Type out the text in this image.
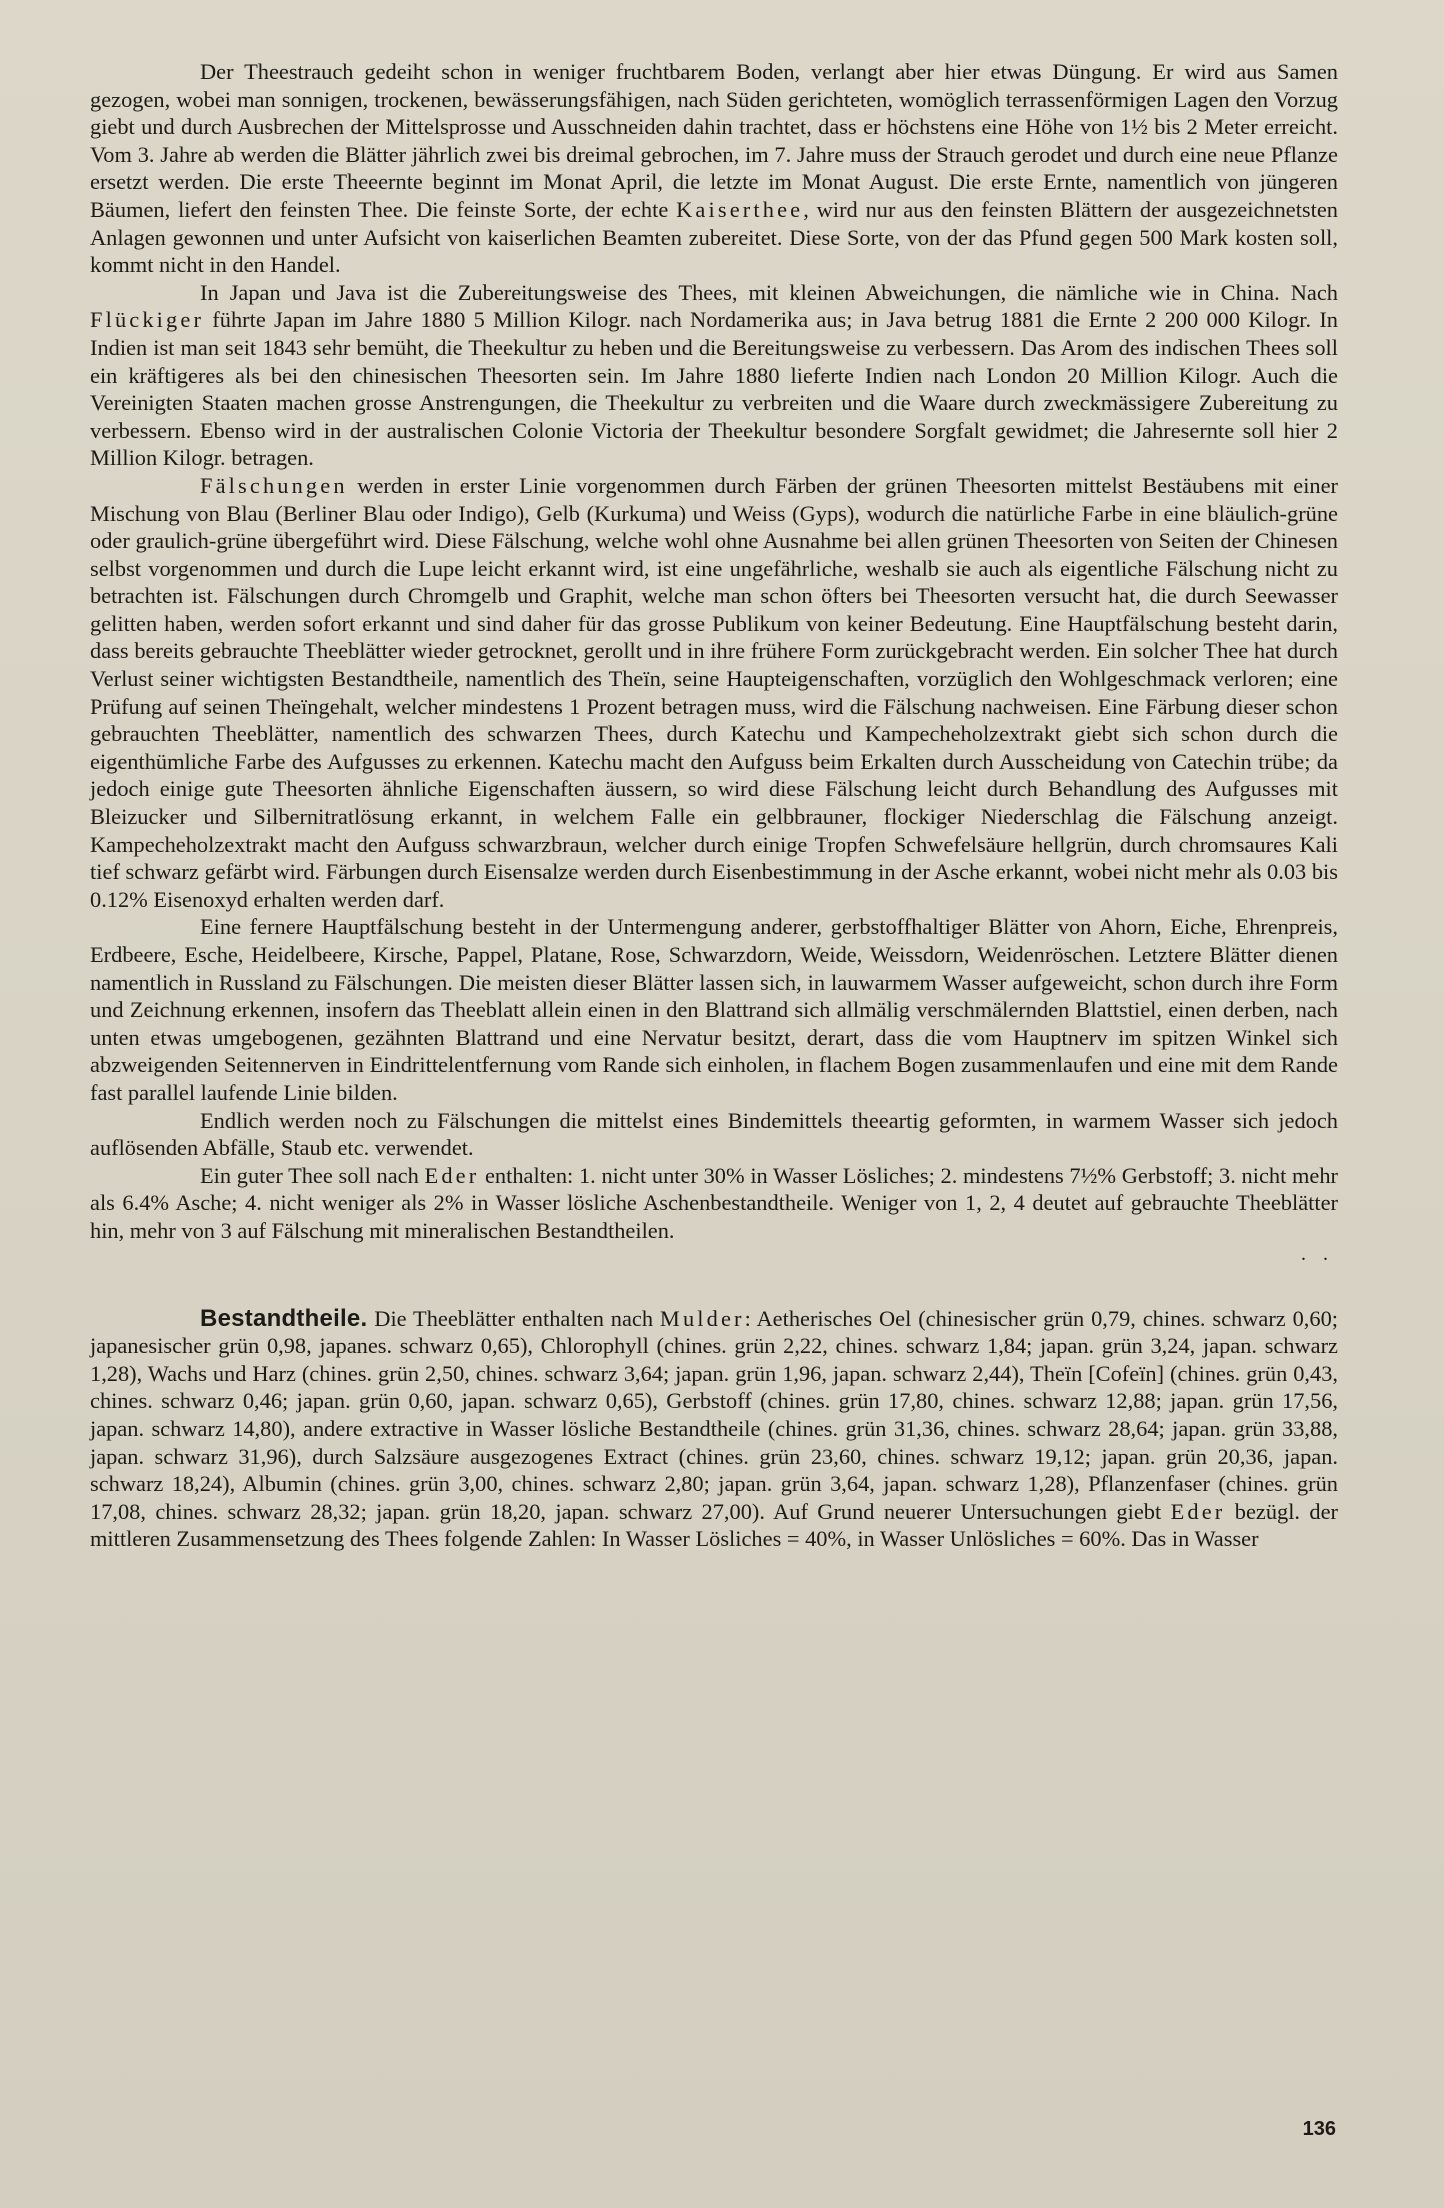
Der Theestrauch gedeiht schon in weniger fruchtbarem Boden, verlangt aber hier etwas Düngung. Er wird aus Samen gezogen, wobei man sonnigen, trockenen, bewässerungsfähigen, nach Süden gerichteten, womöglich terrassenförmigen Lagen den Vorzug giebt und durch Ausbrechen der Mittelsprosse und Ausschneiden dahin trachtet, dass er höchstens eine Höhe von 1½ bis 2 Meter erreicht. Vom 3. Jahre ab werden die Blätter jährlich zwei bis dreimal gebrochen, im 7. Jahre muss der Strauch gerodet und durch eine neue Pflanze ersetzt werden. Die erste Theeernte beginnt im Monat April, die letzte im Monat August. Die erste Ernte, namentlich von jüngeren Bäumen, liefert den feinsten Thee. Die feinste Sorte, der echte Kaiserthee, wird nur aus den feinsten Blättern der ausgezeichnetsten Anlagen gewonnen und unter Aufsicht von kaiserlichen Beamten zubereitet. Diese Sorte, von der das Pfund gegen 500 Mark kosten soll, kommt nicht in den Handel.

In Japan und Java ist die Zubereitungsweise des Thees, mit kleinen Abweichungen, die nämliche wie in China. Nach Flückiger führte Japan im Jahre 1880 5 Million Kilogr. nach Nordamerika aus; in Java betrug 1881 die Ernte 2 200 000 Kilogr. In Indien ist man seit 1843 sehr bemüht, die Theekultur zu heben und die Bereitungsweise zu verbessern. Das Arom des indischen Thees soll ein kräftigeres als bei den chinesischen Theesorten sein. Im Jahre 1880 lieferte Indien nach London 20 Million Kilogr. Auch die Vereinigten Staaten machen grosse Anstrengungen, die Theekultur zu verbreiten und die Waare durch zweckmässigere Zubereitung zu verbessern. Ebenso wird in der australischen Colonie Victoria der Theekultur besondere Sorgfalt gewidmet; die Jahresernte soll hier 2 Million Kilogr. betragen.

Fälschungen werden in erster Linie vorgenommen durch Färben der grünen Theesorten mittelst Bestäubens mit einer Mischung von Blau (Berliner Blau oder Indigo), Gelb (Kurkuma) und Weiss (Gyps), wodurch die natürliche Farbe in eine bläulich-grüne oder graulich-grüne übergeführt wird. Diese Fälschung, welche wohl ohne Ausnahme bei allen grünen Theesorten von Seiten der Chinesen selbst vorgenommen und durch die Lupe leicht erkannt wird, ist eine ungefährliche, weshalb sie auch als eigentliche Fälschung nicht zu betrachten ist. Fälschungen durch Chromgelb und Graphit, welche man schon öfters bei Theesorten versucht hat, die durch Seewasser gelitten haben, werden sofort erkannt und sind daher für das grosse Publikum von keiner Bedeutung. Eine Hauptfälschung besteht darin, dass bereits gebrauchte Theeblätter wieder getrocknet, gerollt und in ihre frühere Form zurückgebracht werden. Ein solcher Thee hat durch Verlust seiner wichtigsten Bestandtheile, namentlich des Theïn, seine Haupteigenschaften, vorzüglich den Wohlgeschmack verloren; eine Prüfung auf seinen Theïngehalt, welcher mindestens 1 Prozent betragen muss, wird die Fälschung nachweisen. Eine Färbung dieser schon gebrauchten Theeblätter, namentlich des schwarzen Thees, durch Katechu und Kampecheholzextrakt giebt sich schon durch die eigenthümliche Farbe des Aufgusses zu erkennen. Katechu macht den Aufguss beim Erkalten durch Ausscheidung von Catechin trübe; da jedoch einige gute Theesorten ähnliche Eigenschaften äussern, so wird diese Fälschung leicht durch Behandlung des Aufgusses mit Bleizucker und Silbernitratlösung erkannt, in welchem Falle ein gelbbrauner, flockiger Niederschlag die Fälschung anzeigt. Kampecheholzextrakt macht den Aufguss schwarzbraun, welcher durch einige Tropfen Schwefelsäure hellgrün, durch chromsaures Kali tief schwarz gefärbt wird. Färbungen durch Eisensalze werden durch Eisenbestimmung in der Asche erkannt, wobei nicht mehr als 0.03 bis 0.12% Eisenoxyd erhalten werden darf.

Eine fernere Hauptfälschung besteht in der Untermengung anderer, gerbstoffhaltiger Blätter von Ahorn, Eiche, Ehrenpreis, Erdbeere, Esche, Heidelbeere, Kirsche, Pappel, Platane, Rose, Schwarzdorn, Weide, Weissdorn, Weidenröschen. Letztere Blätter dienen namentlich in Russland zu Fälschungen. Die meisten dieser Blätter lassen sich, in lauwarmem Wasser aufgeweicht, schon durch ihre Form und Zeichnung erkennen, insofern das Theeblatt allein einen in den Blattrand sich allmälig verschmälernden Blattstiel, einen derben, nach unten etwas umgebogenen, gezähnten Blattrand und eine Nervatur besitzt, derart, dass die vom Hauptnerv im spitzen Winkel sich abzweigenden Seitennerven in Eindrittelentfernung vom Rande sich einholen, in flachem Bogen zusammenlaufen und eine mit dem Rande fast parallel laufende Linie bilden.

Endlich werden noch zu Fälschungen die mittelst eines Bindemittels theeartig geformten, in warmem Wasser sich jedoch auflösenden Abfälle, Staub etc. verwendet.

Ein guter Thee soll nach Eder enthalten: 1. nicht unter 30% in Wasser Lösliches; 2. mindestens 7½% Gerbstoff; 3. nicht mehr als 6.4% Asche; 4. nicht weniger als 2% in Wasser lösliche Aschenbestandtheile. Weniger von 1, 2, 4 deutet auf gebrauchte Theeblätter hin, mehr von 3 auf Fälschung mit mineralischen Bestandtheilen.

. .

Bestandtheile. Die Theeblätter enthalten nach Mulder: Aetherisches Oel (chinesischer grün 0,79, chines. schwarz 0,60; japanesischer grün 0,98, japanes. schwarz 0,65), Chlorophyll (chines. grün 2,22, chines. schwarz 1,84; japan. grün 3,24, japan. schwarz 1,28), Wachs und Harz (chines. grün 2,50, chines. schwarz 3,64; japan. grün 1,96, japan. schwarz 2,44), Theïn [Cofeïn] (chines. grün 0,43, chines. schwarz 0,46; japan. grün 0,60, japan. schwarz 0,65), Gerbstoff (chines. grün 17,80, chines. schwarz 12,88; japan. grün 17,56, japan. schwarz 14,80), andere extractive in Wasser lösliche Bestandtheile (chines. grün 31,36, chines. schwarz 28,64; japan. grün 33,88, japan. schwarz 31,96), durch Salzsäure ausgezogenes Extract (chines. grün 23,60, chines. schwarz 19,12; japan. grün 20,36, japan. schwarz 18,24), Albumin (chines. grün 3,00, chines. schwarz 2,80; japan. grün 3,64, japan. schwarz 1,28), Pflanzenfaser (chines. grün 17,08, chines. schwarz 28,32; japan. grün 18,20, japan. schwarz 27,00). Auf Grund neuerer Untersuchungen giebt Eder bezügl. der mittleren Zusammensetzung des Thees folgende Zahlen: In Wasser Lösliches = 40%, in Wasser Unlösliches = 60%. Das in Wasser

136
